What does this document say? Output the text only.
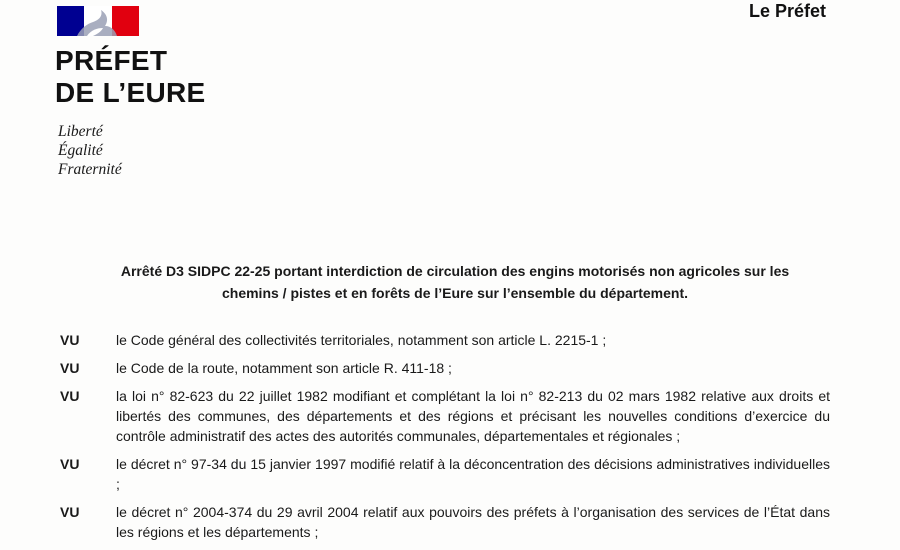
PRÉFET
DE L’EURE
Liberté
Égalité
Fraternité
Le Préfet
Arrêté D3 SIDPC 22-25 portant interdiction de circulation des engins motorisés non agricoles sur les
chemins / pistes et en forêts de l’Eure sur l’ensemble du département.
VU	le Code général des collectivités territoriales, notamment son article L. 2215-1 ;
VU	le Code de la route, notamment son article R. 411-18 ;
VU	la loi n° 82-623 du 22 juillet 1982 modifiant et complétant la loi n° 82-213 du 02 mars 1982 relative aux droits et libertés des communes, des départements et des régions et précisant les nouvelles conditions d’exercice du contrôle administratif des actes des autorités communales, départementales et régionales ;
VU	le décret n° 97-34 du 15 janvier 1997 modifié relatif à la déconcentration des décisions administratives individuelles ;
VU	le décret n° 2004-374 du 29 avril 2004 relatif aux pouvoirs des préfets à l’organisation des services de l’État dans les régions et les départements ;
